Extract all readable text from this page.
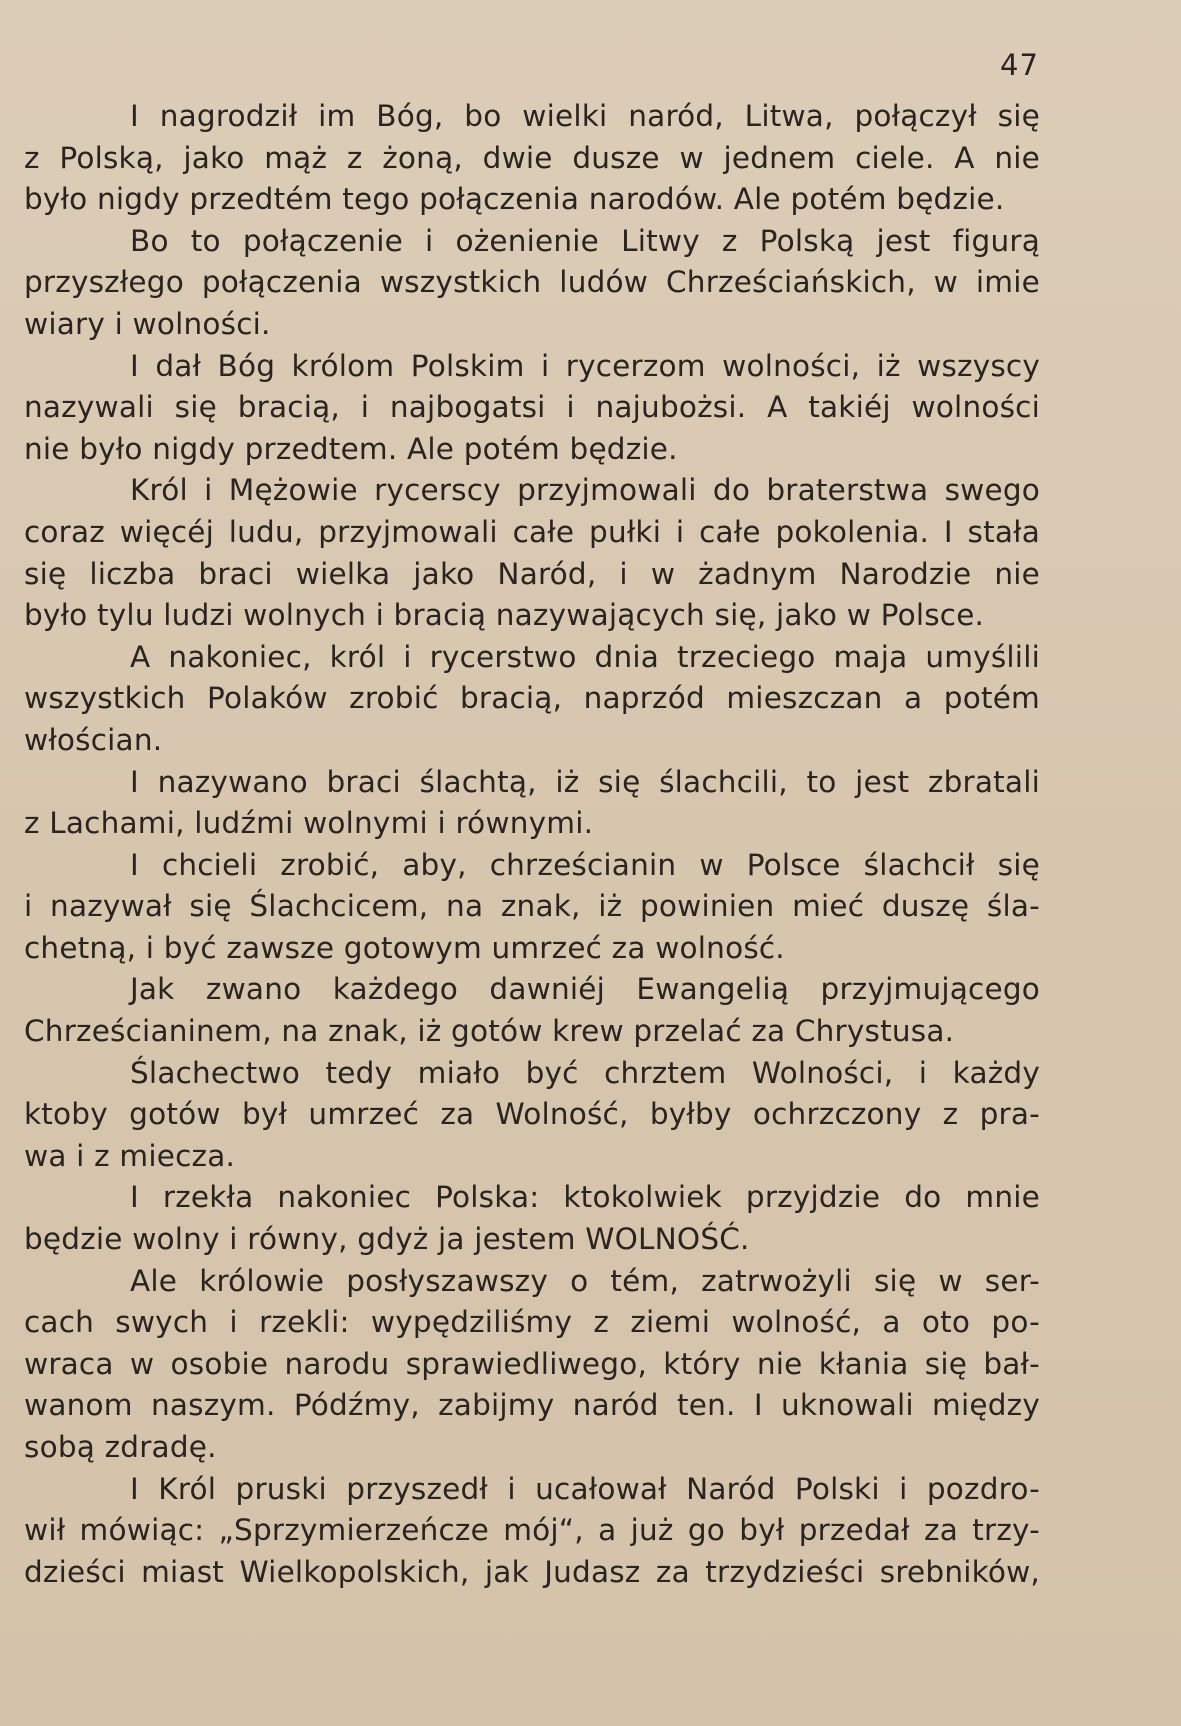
47
I nagrodził im Bóg, bo wielki naród, Litwa, połączył się
z Polską, jako mąż z żoną, dwie dusze w jednem ciele. A nie
było nigdy przedtém tego połączenia narodów. Ale potém będzie.
Bo to połączenie i ożenienie Litwy z Polską jest figurą
przyszłego połączenia wszystkich ludów Chrześciańskich, w imie
wiary i wolności.
I dał Bóg królom Polskim i rycerzom wolności, iż wszyscy
nazywali się bracią, i najbogatsi i najubożsi. A takiéj wolności
nie było nigdy przedtem. Ale potém będzie.
Król i Mężowie rycerscy przyjmowali do braterstwa swego
coraz więcéj ludu, przyjmowali całe pułki i całe pokolenia. I stała
się liczba braci wielka jako Naród, i w żadnym Narodzie nie
było tylu ludzi wolnych i bracią nazywających się, jako w Polsce.
A nakoniec, król i rycerstwo dnia trzeciego maja umyślili
wszystkich Polaków zrobić bracią, naprzód mieszczan a potém
włościan.
I nazywano braci ślachtą, iż się ślachcili, to jest zbratali
z Lachami, ludźmi wolnymi i równymi.
I chcieli zrobić, aby, chrześcianin w Polsce ślachcił się
i nazywał się Ślachcicem, na znak, iż powinien mieć duszę śla-
chetną, i być zawsze gotowym umrzeć za wolność.
Jak zwano każdego dawniéj Ewangelią przyjmującego
Chrześcianinem, na znak, iż gotów krew przelać za Chrystusa.
Ślachectwo tedy miało być chrztem Wolności, i każdy
ktoby gotów był umrzeć za Wolność, byłby ochrzczony z pra-
wa i z miecza.
I rzekła nakoniec Polska: ktokolwiek przyjdzie do mnie
będzie wolny i równy, gdyż ja jestem WOLNOŚĆ.
Ale królowie posłyszawszy o tém, zatrwożyli się w ser-
cach swych i rzekli: wypędziliśmy z ziemi wolność, a oto po-
wraca w osobie narodu sprawiedliwego, który nie kłania się bał-
wanom naszym. Pódźmy, zabijmy naród ten. I uknowali między
sobą zdradę.
I Król pruski przyszedł i ucałował Naród Polski i pozdro-
wił mówiąc: „Sprzymierzeńcze mój“, a już go był przedał za trzy-
dzieści miast Wielkopolskich, jak Judasz za trzydzieści srebników,
